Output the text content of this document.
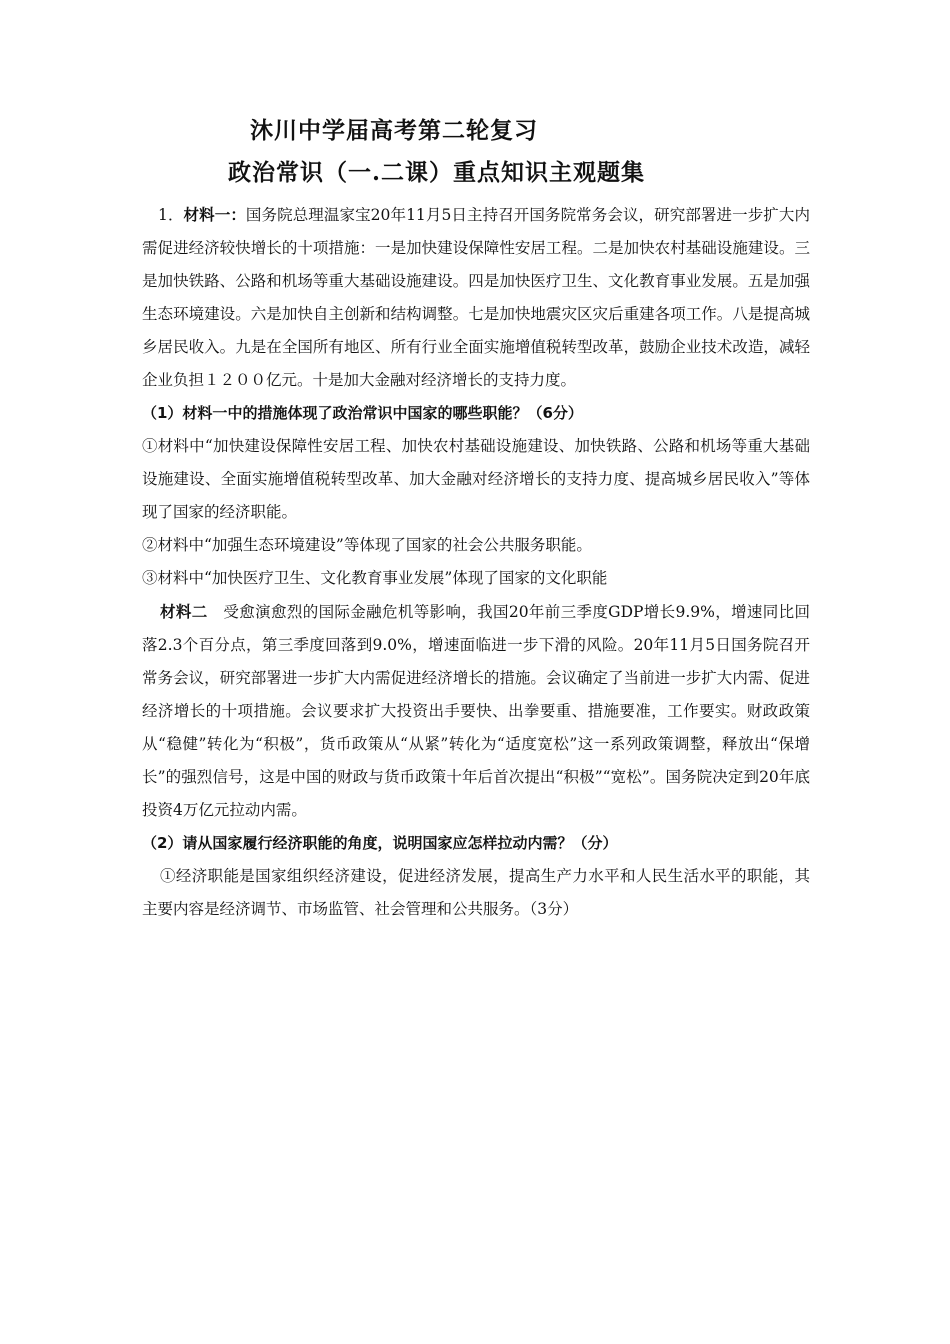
沐川中学届高考第二轮复习
政治常识（一.二课）重点知识主观题集

1．材料一：国务院总理温家宝20年11月5日主持召开国务院常务会议，研究部署进一步扩大内需促进经济较快增长的十项措施：一是加快建设保障性安居工程。二是加快农村基础设施建设。三是加快铁路、公路和机场等重大基础设施建设。四是加快医疗卫生、文化教育事业发展。五是加强生态环境建设。六是加快自主创新和结构调整。七是加快地震灾区灾后重建各项工作。八是提高城乡居民收入。九是在全国所有地区、所有行业全面实施增值税转型改革，鼓励企业技术改造，减轻企业负担１２００亿元。十是加大金融对经济增长的支持力度。

（1）材料一中的措施体现了政治常识中国家的哪些职能？（6分）

①材料中“加快建设保障性安居工程、加快农村基础设施建设、加快铁路、公路和机场等重大基础设施建设、全面实施增值税转型改革、加大金融对经济增长的支持力度、提高城乡居民收入”等体现了国家的经济职能。

②材料中“加强生态环境建设”等体现了国家的社会公共服务职能。

③材料中“加快医疗卫生、文化教育事业发展”体现了国家的文化职能

材料二　受愈演愈烈的国际金融危机等影响，我国20年前三季度GDP增长9.9%，增速同比回落2.3个百分点，第三季度回落到9.0%，增速面临进一步下滑的风险。20年11月5日国务院召开常务会议，研究部署进一步扩大内需促进经济增长的措施。会议确定了当前进一步扩大内需、促进经济增长的十项措施。会议要求扩大投资出手要快、出拳要重、措施要准，工作要实。财政政策从“稳健”转化为“积极”，货币政策从“从紧”转化为“适度宽松”这一系列政策调整，释放出“保增长”的强烈信号，这是中国的财政与货币政策十年后首次提出“积极”“宽松”。国务院决定到20年底投资4万亿元拉动内需。

（2）请从国家履行经济职能的角度，说明国家应怎样拉动内需？（分）

①经济职能是国家组织经济建设，促进经济发展，提高生产力水平和人民生活水平的职能，其主要内容是经济调节、市场监管、社会管理和公共服务。（3分）
